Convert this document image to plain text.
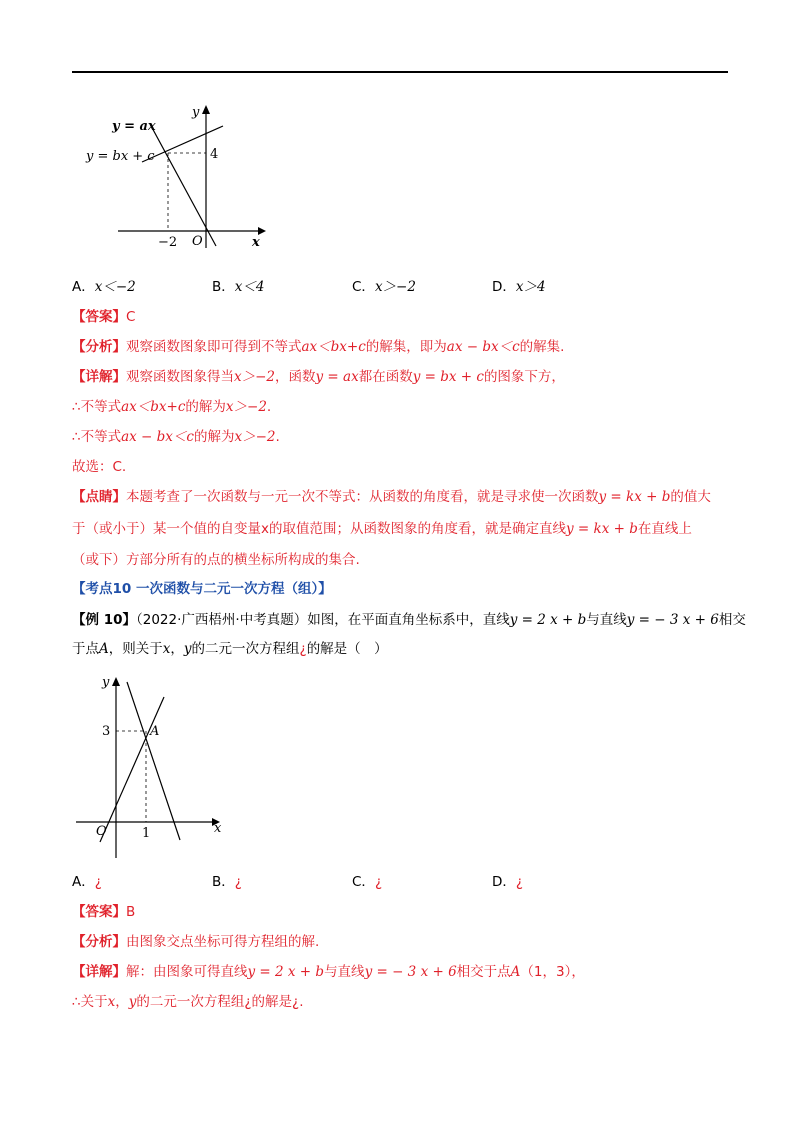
y
x
O
y = ax
y = bx + c	4
−2
A．x＜−2	B．x＜4	C．x＞−2	D．x＞4
【答案】C
【分析】观察函数图象即可得到不等式ax＜bx+c的解集，即为ax − bx＜c的解集.
【详解】观察函数图象得当x＞−2，函数y = ax都在函数y = bx + c的图象下方，
∴不等式ax＜bx+c的解为x＞−2.
∴不等式ax − bx＜c的解为x＞−2.
故选：C.
【点睛】本题考查了一次函数与一元一次不等式：从函数的角度看，就是寻求使一次函数y = kx + b的值大
于（或小于）某一个值的自变量x的取值范围；从函数图象的角度看，就是确定直线y = kx + b在直线上
（或下）方部分所有的点的横坐标所构成的集合.
【考点10 一次函数与二元一次方程（组）】
【例 10】（2022·广西梧州·中考真题）如图，在平面直角坐标系中，直线y = 2 x + b与直线y = − 3 x + 6相交
于点A，则关于x，y的二元一次方程组¿的解是（　）
y
x
O
A
3
1
A．¿	B．¿	C．¿	D．¿
【答案】B
【分析】由图象交点坐标可得方程组的解.
【详解】解：由图象可得直线y = 2 x + b与直线y = − 3 x + 6相交于点A（1，3），
∴关于x，y的二元一次方程组¿的解是¿.
